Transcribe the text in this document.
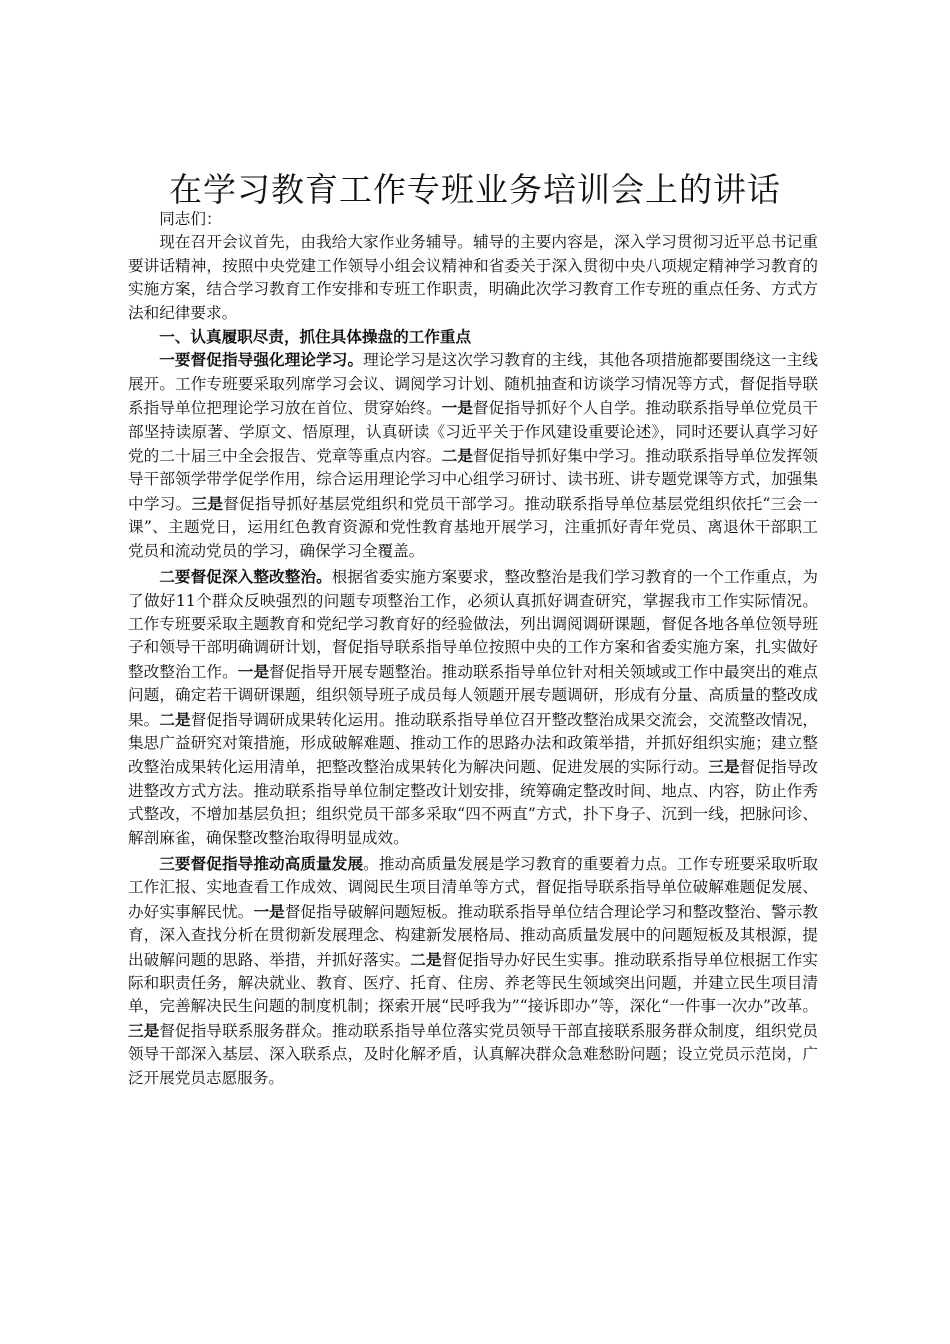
在学习教育工作专班业务培训会上的讲话

同志们：

现在召开会议首先，由我给大家作业务辅导。辅导的主要内容是，深入学习贯彻习近平总书记重要讲话精神，按照中央党建工作领导小组会议精神和省委关于深入贯彻中央八项规定精神学习教育的实施方案，结合学习教育工作安排和专班工作职责，明确此次学习教育工作专班的重点任务、方式方法和纪律要求。

一、认真履职尽责，抓住具体操盘的工作重点

一要督促指导强化理论学习。理论学习是这次学习教育的主线，其他各项措施都要围绕这一主线展开。工作专班要采取列席学习会议、调阅学习计划、随机抽查和访谈学习情况等方式，督促指导联系指导单位把理论学习放在首位、贯穿始终。一是督促指导抓好个人自学。推动联系指导单位党员干部坚持读原著、学原文、悟原理，认真研读《习近平关于作风建设重要论述》，同时还要认真学习好党的二十届三中全会报告、党章等重点内容。二是督促指导抓好集中学习。推动联系指导单位发挥领导干部领学带学促学作用，综合运用理论学习中心组学习研讨、读书班、讲专题党课等方式，加强集中学习。三是督促指导抓好基层党组织和党员干部学习。推动联系指导单位基层党组织依托“三会一课”、主题党日，运用红色教育资源和党性教育基地开展学习，注重抓好青年党员、离退休干部职工党员和流动党员的学习，确保学习全覆盖。

二要督促深入整改整治。根据省委实施方案要求，整改整治是我们学习教育的一个工作重点，为了做好11个群众反映强烈的问题专项整治工作，必须认真抓好调查研究，掌握我市工作实际情况。工作专班要采取主题教育和党纪学习教育好的经验做法，列出调阅调研课题，督促各地各单位领导班子和领导干部明确调研计划，督促指导联系指导单位按照中央的工作方案和省委实施方案，扎实做好整改整治工作。一是督促指导开展专题整治。推动联系指导单位针对相关领域或工作中最突出的难点问题，确定若干调研课题，组织领导班子成员每人领题开展专题调研，形成有分量、高质量的整改成果。二是督促指导调研成果转化运用。推动联系指导单位召开整改整治成果交流会，交流整改情况，集思广益研究对策措施，形成破解难题、推动工作的思路办法和政策举措，并抓好组织实施；建立整改整治成果转化运用清单，把整改整治成果转化为解决问题、促进发展的实际行动。三是督促指导改进整改方式方法。推动联系指导单位制定整改计划安排，统筹确定整改时间、地点、内容，防止作秀式整改，不增加基层负担；组织党员干部多采取“四不两直”方式，扑下身子、沉到一线，把脉问诊、解剖麻雀，确保整改整治取得明显成效。

三要督促指导推动高质量发展。推动高质量发展是学习教育的重要着力点。工作专班要采取听取工作汇报、实地查看工作成效、调阅民生项目清单等方式，督促指导联系指导单位破解难题促发展、办好实事解民忧。一是督促指导破解问题短板。推动联系指导单位结合理论学习和整改整治、警示教育，深入查找分析在贯彻新发展理念、构建新发展格局、推动高质量发展中的问题短板及其根源，提出破解问题的思路、举措，并抓好落实。二是督促指导办好民生实事。推动联系指导单位根据工作实际和职责任务，解决就业、教育、医疗、托育、住房、养老等民生领域突出问题，并建立民生项目清单，完善解决民生问题的制度机制；探索开展“民呼我为”“接诉即办”等，深化“一件事一次办”改革。三是督促指导联系服务群众。推动联系指导单位落实党员领导干部直接联系服务群众制度，组织党员领导干部深入基层、深入联系点，及时化解矛盾，认真解决群众急难愁盼问题；设立党员示范岗，广泛开展党员志愿服务。
